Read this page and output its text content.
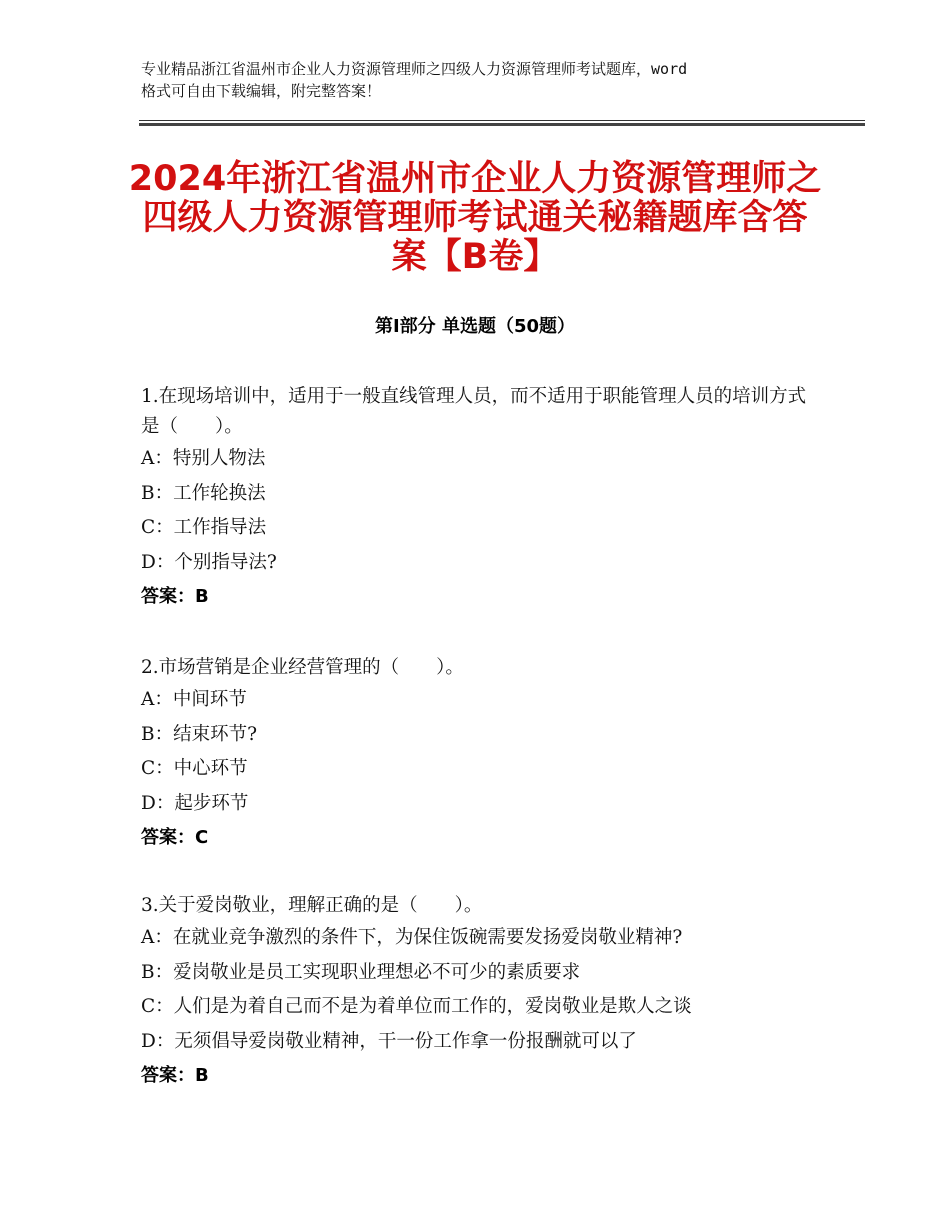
专业精品浙江省温州市企业人力资源管理师之四级人力资源管理师考试题库，word
格式可自由下载编辑，附完整答案！
2024年浙江省温州市企业人力资源管理师之
四级人力资源管理师考试通关秘籍题库含答
案【B卷】
第Ⅰ部分 单选题（50题）
1.在现场培训中，适用于一般直线管理人员，而不适用于职能管理人员的培训方式是（　　）。
A：特别人物法
B：工作轮换法
C：工作指导法
D：个别指导法?
答案：B
2.市场营销是企业经营管理的（　　）。
A：中间环节
B：结束环节?
C：中心环节
D：起步环节
答案：C
3.关于爱岗敬业，理解正确的是（　　）。
A：在就业竞争激烈的条件下，为保住饭碗需要发扬爱岗敬业精神?
B：爱岗敬业是员工实现职业理想必不可少的素质要求
C：人们是为着自己而不是为着单位而工作的，爱岗敬业是欺人之谈
D：无须倡导爱岗敬业精神，干一份工作拿一份报酬就可以了
答案：B
